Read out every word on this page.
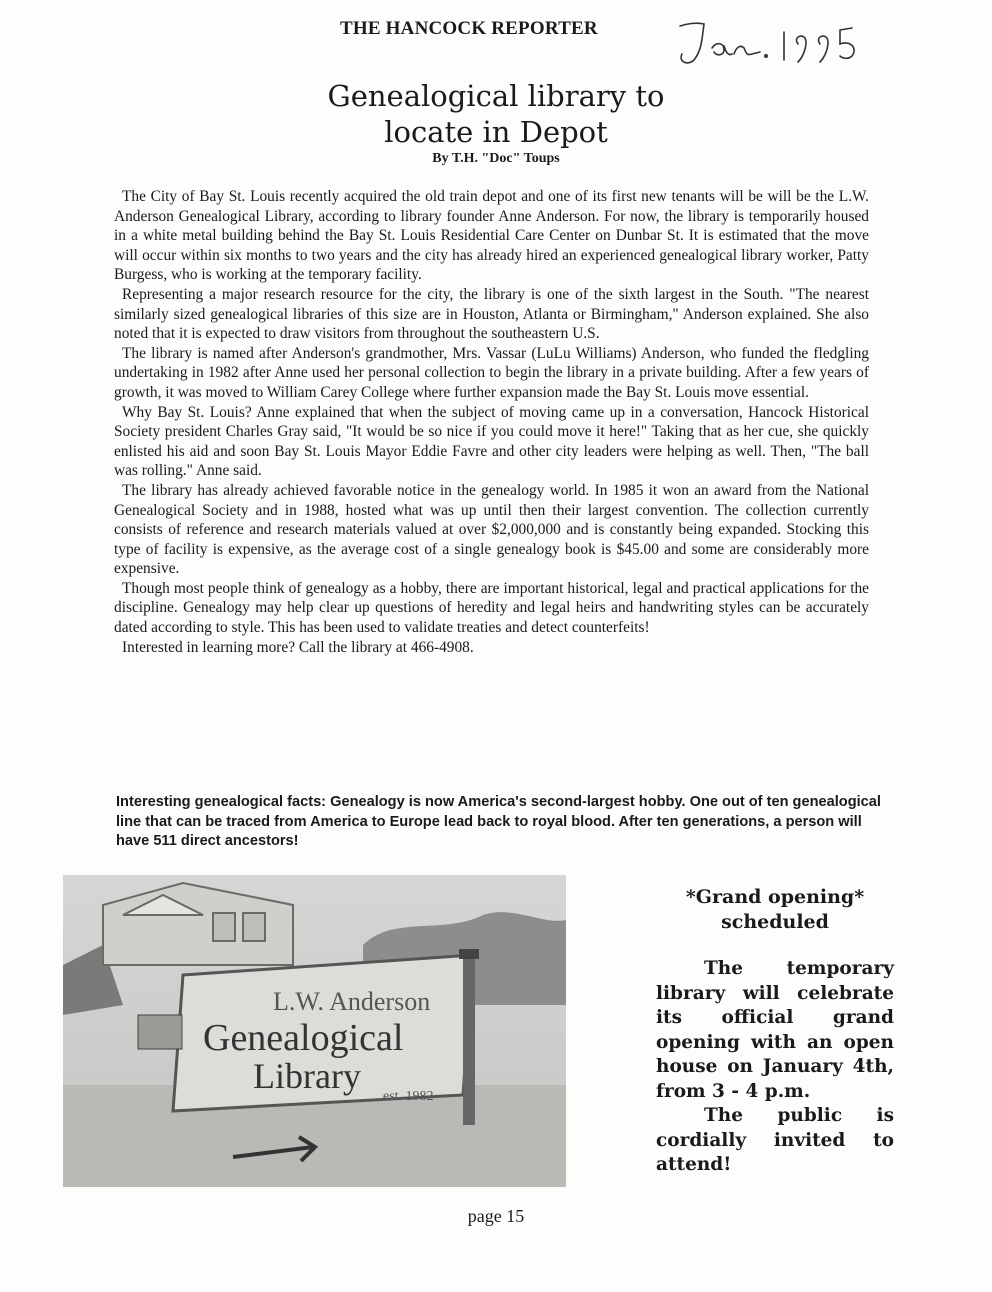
THE HANCOCK REPORTER
Genealogical library to
locate in Depot
By T.H. "Doc" Toups

The City of Bay St. Louis recently acquired the old train depot and one of its first new tenants will be will be the L.W. Anderson Genealogical Library, according to library founder Anne Anderson. For now, the library is temporarily housed in a white metal building behind the Bay St. Louis Residential Care Center on Dunbar St. It is estimated that the move will occur within six months to two years and the city has already hired an experienced genealogical library worker, Patty Burgess, who is working at the temporary facility.

Representing a major research resource for the city, the library is one of the sixth largest in the South. "The nearest similarly sized genealogical libraries of this size are in Houston, Atlanta or Birmingham," Anderson explained. She also noted that it is expected to draw visitors from throughout the southeastern U.S.

The library is named after Anderson's grandmother, Mrs. Vassar (LuLu Williams) Anderson, who funded the fledgling undertaking in 1982 after Anne used her personal collection to begin the library in a private building. After a few years of growth, it was moved to William Carey College where further expansion made the Bay St. Louis move essential.

Why Bay St. Louis? Anne explained that when the subject of moving came up in a conversation, Hancock Historical Society president Charles Gray said, "It would be so nice if you could move it here!" Taking that as her cue, she quickly enlisted his aid and soon Bay St. Louis Mayor Eddie Favre and other city leaders were helping as well. Then, "The ball was rolling." Anne said.

The library has already achieved favorable notice in the genealogy world. In 1985 it won an award from the National Genealogical Society and in 1988, hosted what was up until then their largest convention. The collection currently consists of reference and research materials valued at over $2,000,000 and is constantly being expanded. Stocking this type of facility is expensive, as the average cost of a single genealogy book is $45.00 and some are considerably more expensive.

Though most people think of genealogy as a hobby, there are important historical, legal and practical applications for the discipline. Genealogy may help clear up questions of heredity and legal heirs and handwriting styles can be accurately dated according to style. This has been used to validate treaties and detect counterfeits!

Interested in learning more? Call the library at 466-4908.

Interesting genealogical facts: Genealogy is now America's second-largest hobby. One out of ten genealogical line that can be traced from America to Europe lead back to royal blood. After ten generations, a person will have 511 direct ancestors!
L.W. Anderson
Genealogical
Library
est. 1982
*Grand opening*
scheduled

The temporary library will celebrate its official grand opening with an open house on January 4th, from 3 - 4 p.m.

The public is cordially invited to attend!

page 15
